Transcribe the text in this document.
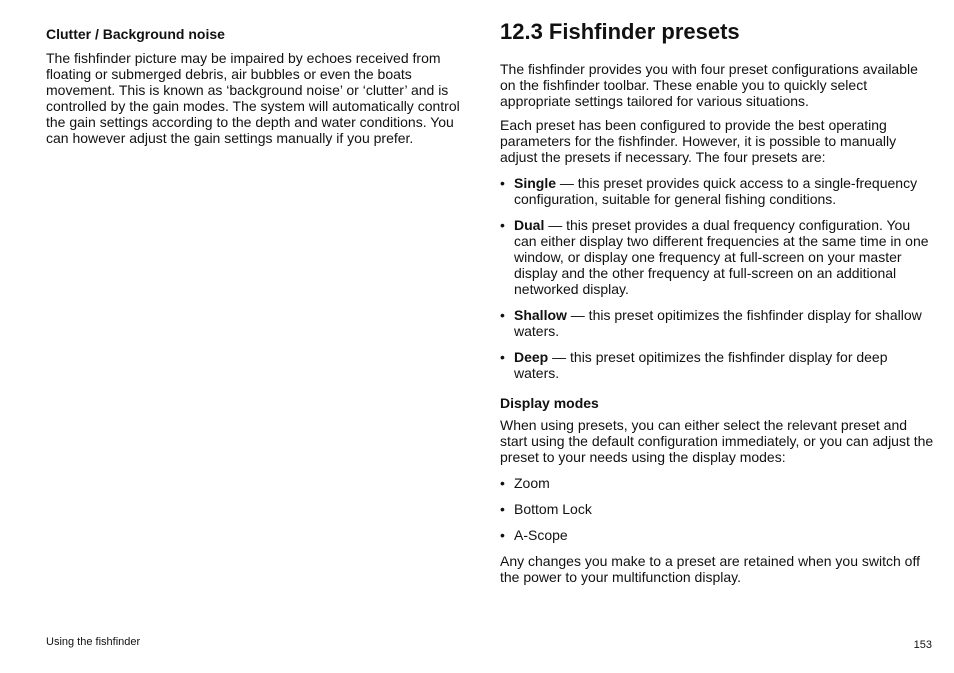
Clutter / Background noise

The fishfinder picture may be impaired by echoes received from floating or submerged debris, air bubbles or even the boats movement. This is known as ‘background noise’ or ‘clutter’ and is controlled by the gain modes. The system will automatically control the gain settings according to the depth and water conditions. You can however adjust the gain settings manually if you prefer.

12.3 Fishfinder presets

The fishfinder provides you with four preset configurations available on the fishfinder toolbar. These enable you to quickly select appropriate settings tailored for various situations.

Each preset has been configured to provide the best operating parameters for the fishfinder. However, it is possible to manually adjust the presets if necessary. The four presets are:

• Single — this preset provides quick access to a single-frequency configuration, suitable for general fishing conditions.
• Dual — this preset provides a dual frequency configuration. You can either display two different frequencies at the same time in one window, or display one frequency at full-screen on your master display and the other frequency at full-screen on an additional networked display.
• Shallow — this preset opitimizes the fishfinder display for shallow waters.
• Deep — this preset opitimizes the fishfinder display for deep waters.
Display modes

When using presets, you can either select the relevant preset and start using the default configuration immediately, or you can adjust the preset to your needs using the display modes:

• Zoom
• Bottom Lock
• A-Scope

Any changes you make to a preset are retained when you switch off the power to your multifunction display.

Using the fishfinder	153
